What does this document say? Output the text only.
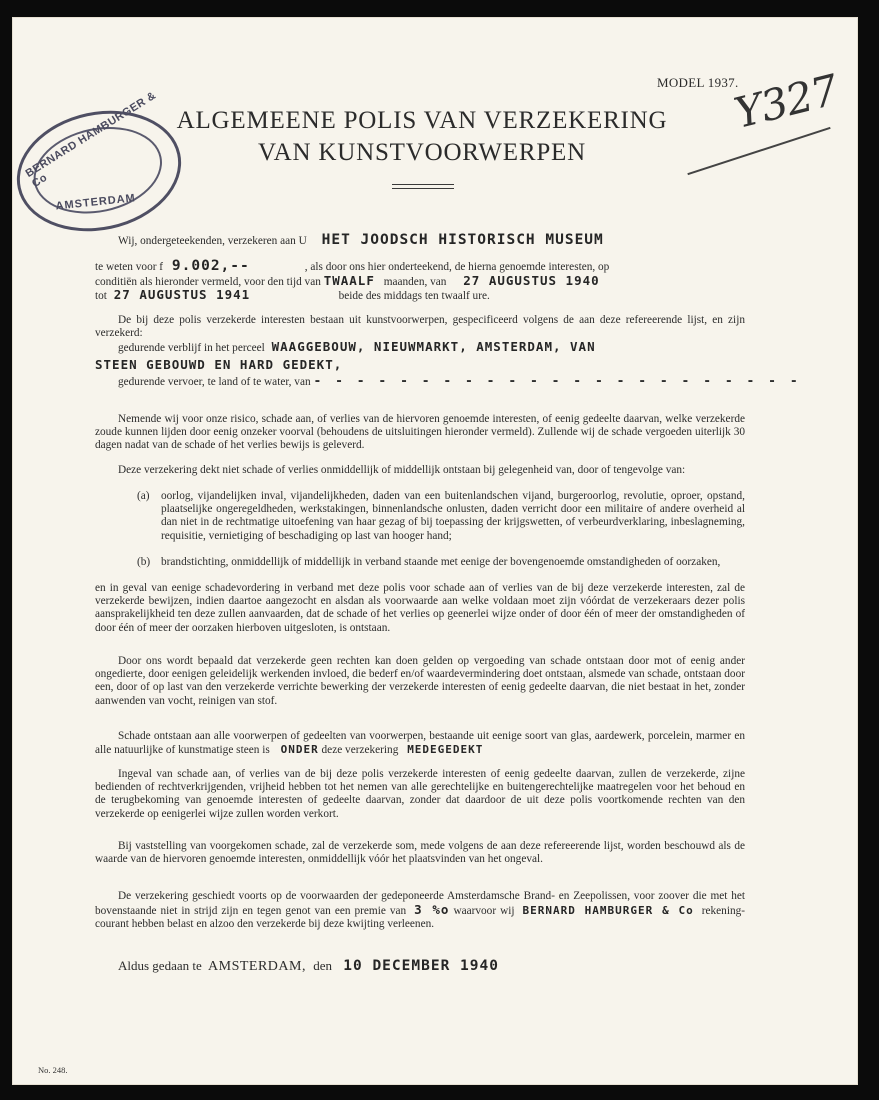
MODEL 1937.
Y327
BERNARD HAMBURGER & Co
AMSTERDAM
ALGEMEENE POLIS VAN VERZEKERING
VAN KUNSTVOORWERPEN
Wij, ondergeteekenden, verzekeren aan U HET JOODSCH HISTORISCH MUSEUM
te weten voor f 9.002,--	, als door ons hier onderteekend, de hierna genoemde interesten, op
conditiën als hieronder vermeld, voor den tijd van TWAALF maanden, van 27 AUGUSTUS 1940
tot 27 AUGUSTUS 1941	beide des middags ten twaalf ure.
De bij deze polis verzekerde interesten bestaan uit kunstvoorwerpen, gespecificeerd volgens de aan deze refereerende lijst, en zijn verzekerd:
gedurende verblijf in het perceel WAAGGEBOUW, NIEUWMARKT, AMSTERDAM, VAN
STEEN GEBOUWD EN HARD GEDEKT,
gedurende vervoer, te land of te water, van - - - - - - - - - - - - - - - - - - - - - - -
Nemende wij voor onze risico, schade aan, of verlies van de hiervoren genoemde interesten, of eenig gedeelte daarvan, welke verzekerde zoude kunnen lijden door eenig onzeker voorval (behoudens de uitsluitingen hieronder vermeld). Zullende wij de schade vergoeden uiterlijk 30 dagen nadat van de schade of het verlies bewijs is geleverd.
Deze verzekering dekt niet schade of verlies onmiddellijk of middellijk ontstaan bij gelegenheid van, door of tengevolge van:
(a)	oorlog, vijandelijken inval, vijandelijkheden, daden van een buitenlandschen vijand, burgeroorlog, revolutie, oproer, opstand, plaatselijke ongeregeldheden, werkstakingen, binnenlandsche onlusten, daden verricht door een militaire of andere overheid al dan niet in de rechtmatige uitoefening van haar gezag of bij toepassing der krijgswetten, of verbeurdverklaring, inbeslagneming, requisitie, vernietiging of beschadiging op last van hooger hand;
(b) brandstichting, onmiddellijk of middellijk in verband staande met eenige der bovengenoemde omstandigheden of oorzaken,
en in geval van eenige schadevordering in verband met deze polis voor schade aan of verlies van de bij deze verzekerde interesten, zal de verzekerde bewijzen, indien daartoe aangezocht en alsdan als voorwaarde aan welke voldaan moet zijn vóórdat de verzekeraars dezer polis aansprakelijkheid ten deze zullen aanvaarden, dat de schade of het verlies op geenerlei wijze onder of door één of meer der omstandigheden of door één of meer der oorzaken hierboven uitgesloten, is ontstaan.
Door ons wordt bepaald dat verzekerde geen rechten kan doen gelden op vergoeding van schade ontstaan door mot of eenig ander ongedierte, door eenigen geleidelijk werkenden invloed, die bederf en/of waardevermindering doet ontstaan, alsmede van schade, ontstaan door een, door of op last van den verzekerde verrichte bewerking der verzekerde interesten of eenig gedeelte daarvan, die niet bestaat in het, zonder aanwenden van vocht, reinigen van stof.
Schade ontstaan aan alle voorwerpen of gedeelten van voorwerpen, bestaande uit eenige soort van glas, aardewerk, porcelein, marmer en alle natuurlijke of kunstmatige steen is ONDER deze verzekering MEDEGEDEKT
Ingeval van schade aan, of verlies van de bij deze polis verzekerde interesten of eenig gedeelte daarvan, zullen de verzekerde, zijne bedienden of rechtverkrijgenden, vrijheid hebben tot het nemen van alle gerechtelijke en buitengerechtelijke maatregelen voor het behoud en de terugbekoming van genoemde interesten of gedeelte daarvan, zonder dat daardoor de uit deze polis voortkomende rechten van den verzekerde op eenigerlei wijze zullen worden verkort.
Bij vaststelling van voorgekomen schade, zal de verzekerde som, mede volgens de aan deze refereerende lijst, worden beschouwd als de waarde van de hiervoren genoemde interesten, onmiddellijk vóór het plaatsvinden van het ongeval.
De verzekering geschiedt voorts op de voorwaarden der gedeponeerde Amsterdamsche Brand- en Zeepolissen, voor zoover die met het bovenstaande niet in strijd zijn en tegen genot van een premie van 3 %o waarvoor wij BERNARD HAMBURGER & Co rekening-courant hebben belast en alzoo den verzekerde bij deze kwijting verleenen.
Aldus gedaan te AMSTERDAM, den 10 DECEMBER 1940
No. 248.
